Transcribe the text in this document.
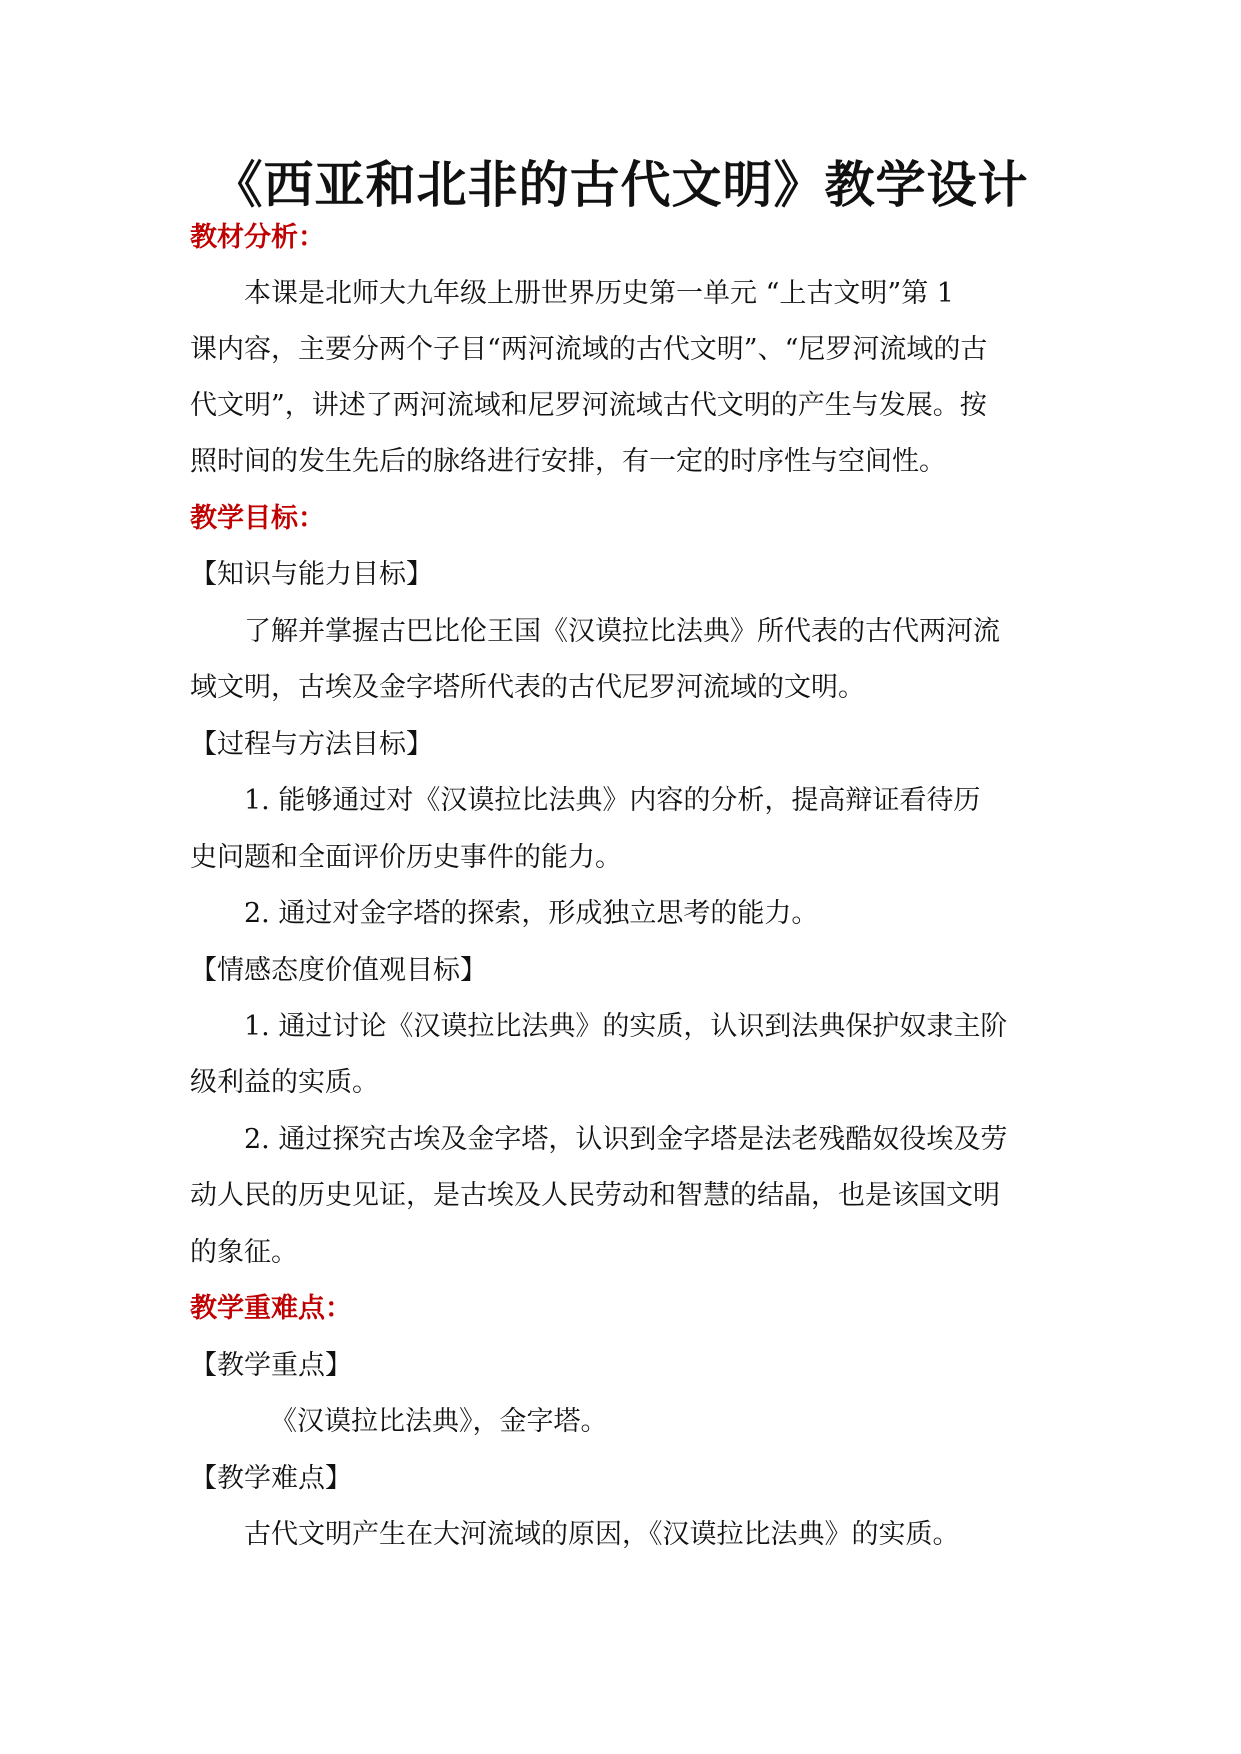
《西亚和北非的古代文明》教学设计
教材分析：
本课是北师大九年级上册世界历史第一单元 “上古文明”第 1
课内容，主要分两个子目“两河流域的古代文明”、“尼罗河流域的古
代文明”，讲述了两河流域和尼罗河流域古代文明的产生与发展。按
照时间的发生先后的脉络进行安排，有一定的时序性与空间性。
教学目标：
【知识与能力目标】
了解并掌握古巴比伦王国《汉谟拉比法典》所代表的古代两河流
域文明，古埃及金字塔所代表的古代尼罗河流域的文明。
【过程与方法目标】
1. 能够通过对《汉谟拉比法典》内容的分析，提高辩证看待历
史问题和全面评价历史事件的能力。
2. 通过对金字塔的探索，形成独立思考的能力。
【情感态度价值观目标】
1. 通过讨论《汉谟拉比法典》的实质，认识到法典保护奴隶主阶
级利益的实质。
2. 通过探究古埃及金字塔，认识到金字塔是法老残酷奴役埃及劳
动人民的历史见证，是古埃及人民劳动和智慧的结晶，也是该国文明
的象征。
教学重难点：
【教学重点】
《汉谟拉比法典》，金字塔。
【教学难点】
古代文明产生在大河流域的原因，《汉谟拉比法典》的实质。
